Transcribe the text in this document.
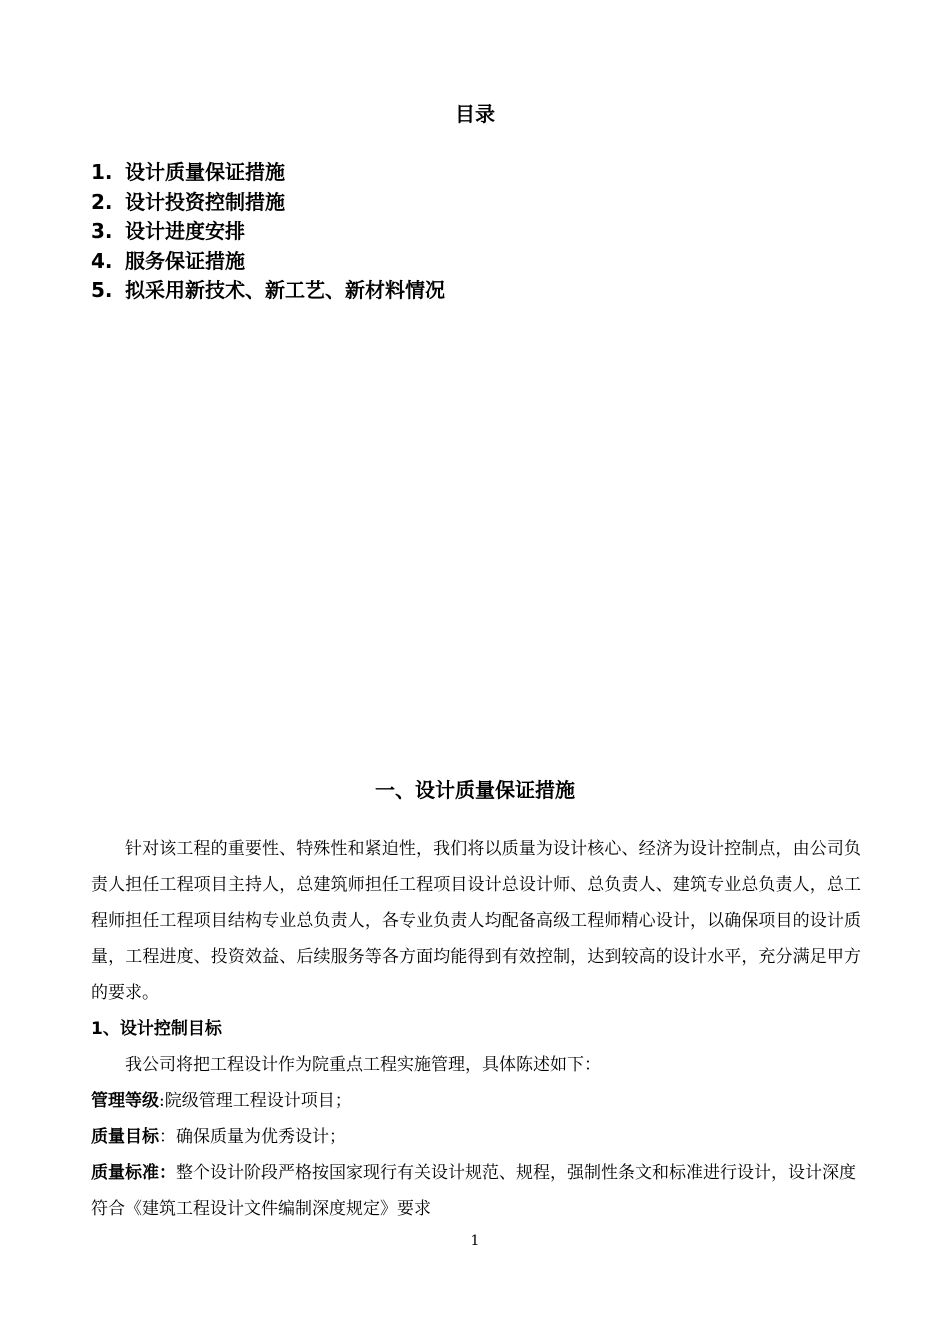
目录
1. 设计质量保证措施
2. 设计投资控制措施
3. 设计进度安排
4. 服务保证措施
5. 拟采用新技术、新工艺、新材料情况
一、设计质量保证措施

针对该工程的重要性、特殊性和紧迫性，我们将以质量为设计核心、经济为设计控制点，由公司负责人担任工程项目主持人，总建筑师担任工程项目设计总设计师、总负责人、建筑专业总负责人，总工程师担任工程项目结构专业总负责人，各专业负责人均配备高级工程师精心设计，以确保项目的设计质量，工程进度、投资效益、后续服务等各方面均能得到有效控制，达到较高的设计水平，充分满足甲方的要求。

1、设计控制目标

我公司将把工程设计作为院重点工程实施管理，具体陈述如下：

管理等级:院级管理工程设计项目；

质量目标：确保质量为优秀设计；

质量标准：整个设计阶段严格按国家现行有关设计规范、规程，强制性条文和标准进行设计，设计深度符合《建筑工程设计文件编制深度规定》要求

1
